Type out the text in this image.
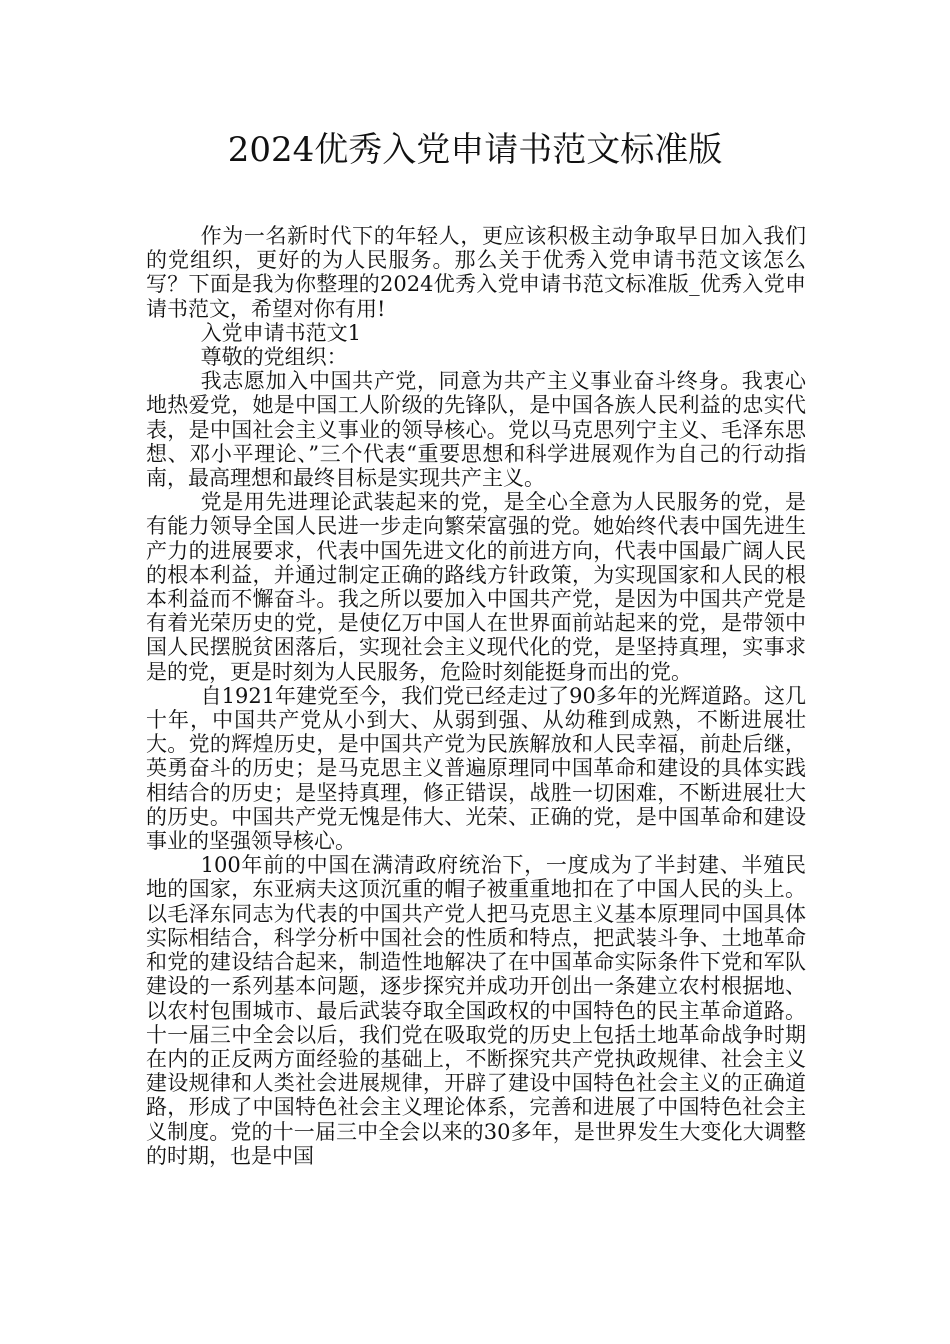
2024优秀入党申请书范文标准版

作为一名新时代下的年轻人，更应该积极主动争取早日加入我们的党组织，更好的为人民服务。那么关于优秀入党申请书范文该怎么写？下面是我为你整理的2024优秀入党申请书范文标准版_优秀入党申请书范文，希望对你有用!

入党申请书范文1

尊敬的党组织：

我志愿加入中国共产党，同意为共产主义事业奋斗终身。我衷心地热爱党，她是中国工人阶级的先锋队，是中国各族人民利益的忠实代表，是中国社会主义事业的领导核心。党以马克思列宁主义、毛泽东思想、邓小平理论、”三个代表“重要思想和科学进展观作为自己的行动指南，最高理想和最终目标是实现共产主义。

党是用先进理论武装起来的党，是全心全意为人民服务的党，是有能力领导全国人民进一步走向繁荣富强的党。她始终代表中国先进生产力的进展要求，代表中国先进文化的前进方向，代表中国最广阔人民的根本利益，并通过制定正确的路线方针政策，为实现国家和人民的根本利益而不懈奋斗。我之所以要加入中国共产党，是因为中国共产党是有着光荣历史的党，是使亿万中国人在世界面前站起来的党，是带领中国人民摆脱贫困落后，实现社会主义现代化的党，是坚持真理，实事求是的党，更是时刻为人民服务，危险时刻能挺身而出的党。

自1921年建党至今，我们党已经走过了90多年的光辉道路。这几十年，中国共产党从小到大、从弱到强、从幼稚到成熟，不断进展壮大。党的辉煌历史，是中国共产党为民族解放和人民幸福，前赴后继，英勇奋斗的历史；是马克思主义普遍原理同中国革命和建设的具体实践相结合的历史；是坚持真理，修正错误，战胜一切困难，不断进展壮大的历史。中国共产党无愧是伟大、光荣、正确的党，是中国革命和建设事业的坚强领导核心。

100年前的中国在满清政府统治下，一度成为了半封建、半殖民地的国家，东亚病夫这顶沉重的帽子被重重地扣在了中国人民的头上。以毛泽东同志为代表的中国共产党人把马克思主义基本原理同中国具体实际相结合，科学分析中国社会的性质和特点，把武装斗争、土地革命和党的建设结合起来，制造性地解决了在中国革命实际条件下党和军队建设的一系列基本问题，逐步探究并成功开创出一条建立农村根据地、以农村包围城市、最后武装夺取全国政权的中国特色的民主革命道路。十一届三中全会以后，我们党在吸取党的历史上包括土地革命战争时期在内的正反两方面经验的基础上，不断探究共产党执政规律、社会主义建设规律和人类社会进展规律，开辟了建设中国特色社会主义的正确道路，形成了中国特色社会主义理论体系，完善和进展了中国特色社会主义制度。党的十一届三中全会以来的30多年，是世界发生大变化大调整的时期，也是中国
